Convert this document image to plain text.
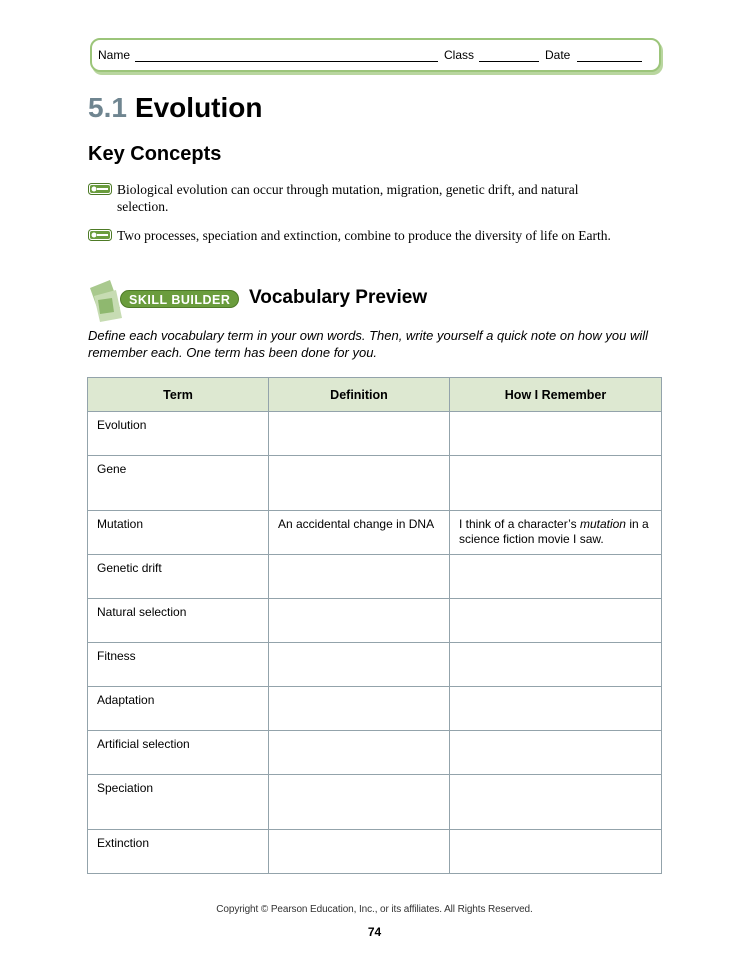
Name	Class	Date
5.1 Evolution
Key Concepts
Biological evolution can occur through mutation, migration, genetic drift, and natural selection.
Two processes, speciation and extinction, combine to produce the diversity of life on Earth.
SKILL BUILDER Vocabulary Preview
Define each vocabulary term in your own words. Then, write yourself a quick note on how you will remember each. One term has been done for you.
Term	Definition	How I Remember
Evolution		
Gene		
Mutation	An accidental change in DNA	I think of a character’s mutation in a science fiction movie I saw.
Genetic drift		
Natural selection		
Fitness		
Adaptation		
Artificial selection		
Speciation		
Extinction		
Copyright © Pearson Education, Inc., or its affiliates. All Rights Reserved.
74
